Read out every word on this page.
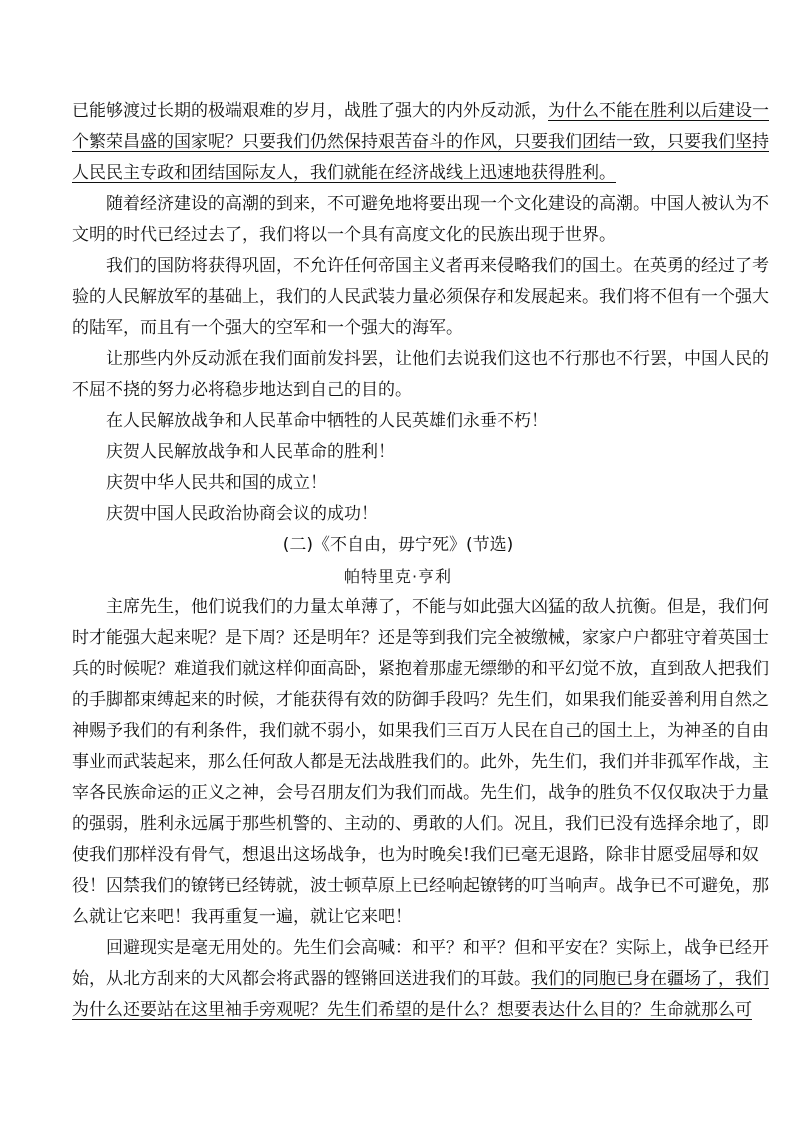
已能够渡过长期的极端艰难的岁月，战胜了强大的内外反动派，为什么不能在胜利以后建设一
个繁荣昌盛的国家呢？只要我们仍然保持艰苦奋斗的作风，只要我们团结一致，只要我们坚持
人民民主专政和团结国际友人，我们就能在经济战线上迅速地获得胜利。
随着经济建设的高潮的到来，不可避免地将要出现一个文化建设的高潮。中国人被认为不
文明的时代已经过去了，我们将以一个具有高度文化的民族出现于世界。
我们的国防将获得巩固，不允许任何帝国主义者再来侵略我们的国土。在英勇的经过了考
验的人民解放军的基础上，我们的人民武装力量必须保存和发展起来。我们将不但有一个强大
的陆军，而且有一个强大的空军和一个强大的海军。
让那些内外反动派在我们面前发抖罢，让他们去说我们这也不行那也不行罢，中国人民的
不屈不挠的努力必将稳步地达到自己的目的。
在人民解放战争和人民革命中牺牲的人民英雄们永垂不朽！
庆贺人民解放战争和人民革命的胜利！
庆贺中华人民共和国的成立！
庆贺中国人民政治协商会议的成功！
(二)《不自由，毋宁死》(节选)
帕特里克·亨利
主席先生，他们说我们的力量太单薄了，不能与如此强大凶猛的敌人抗衡。但是，我们何
时才能强大起来呢？是下周？还是明年？还是等到我们完全被缴械，家家户户都驻守着英国士
兵的时候呢？难道我们就这样仰面高卧，紧抱着那虚无缥缈的和平幻觉不放，直到敌人把我们
的手脚都束缚起来的时候，才能获得有效的防御手段吗？先生们，如果我们能妥善利用自然之
神赐予我们的有利条件，我们就不弱小，如果我们三百万人民在自己的国土上，为神圣的自由
事业而武装起来，那么任何敌人都是无法战胜我们的。此外，先生们，我们并非孤军作战，主
宰各民族命运的正义之神，会号召朋友们为我们而战。先生们，战争的胜负不仅仅取决于力量
的强弱，胜利永远属于那些机警的、主动的、勇敢的人们。况且，我们已没有选择余地了，即
使我们那样没有骨气，想退出这场战争，也为时晚矣!我们已毫无退路，除非甘愿受屈辱和奴
役！囚禁我们的镣铐已经铸就，波士顿草原上已经响起镣铐的叮当响声。战争已不可避免，那
么就让它来吧！我再重复一遍，就让它来吧！
回避现实是毫无用处的。先生们会高喊：和平？和平？但和平安在？实际上，战争已经开
始，从北方刮来的大风都会将武器的铿锵回送进我们的耳鼓。我们的同胞已身在疆场了，我们
为什么还要站在这里袖手旁观呢？先生们希望的是什么？想要表达什么目的？生命就那么可
